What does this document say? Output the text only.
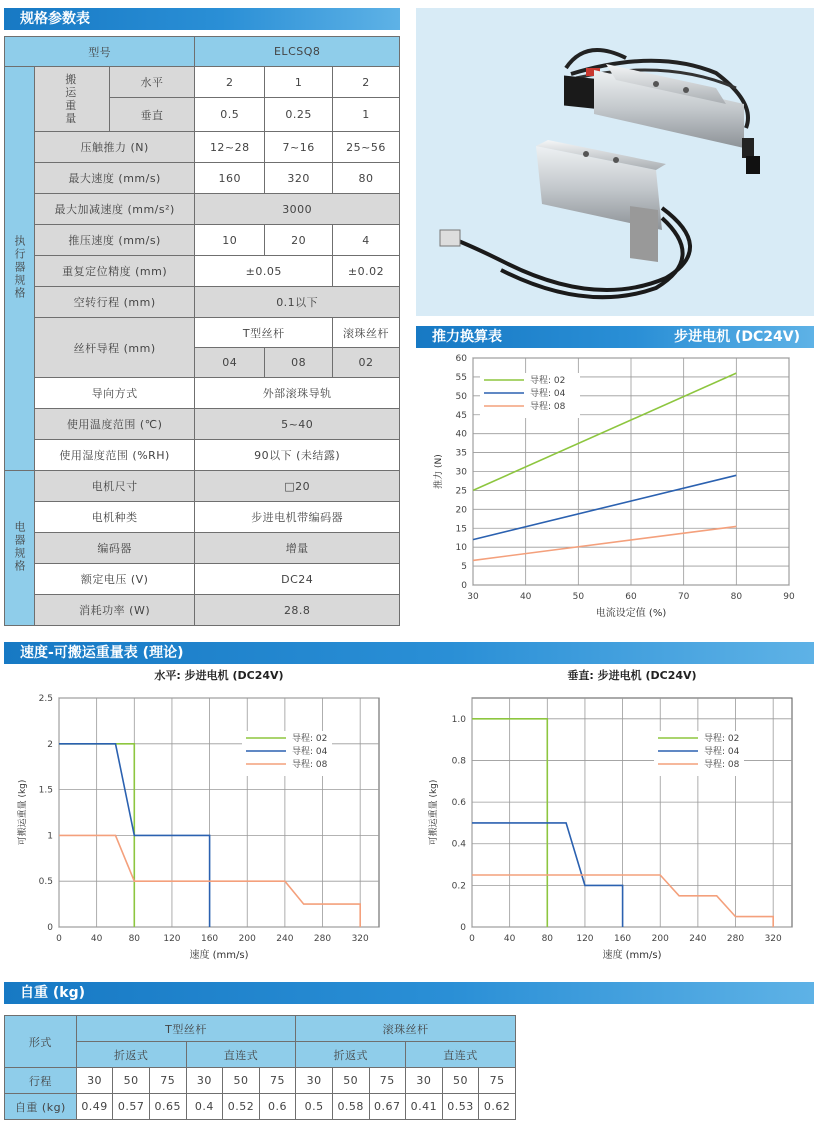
规格参数表
型号			ELCSQ8		
执行器规格	搬运重量	水平	2	1	2
		垂直	0.5	0.25	1
	压触推力 (N)		12~28	7~16	25~56
	最大速度 (mm/s)		160	320	80
	最大加减速度 (mm/s²)		3000		
	推压速度 (mm/s)		10	20	4
	重复定位精度 (mm)		±0.05		±0.02
	空转行程 (mm)		0.1以下		
	丝杆导程 (mm)		T型丝杆		滚珠丝杆
			04	08	02
	导向方式		外部滚珠导轨		
	使用温度范围 (℃)		5~40		
	使用湿度范围 (%RH)		90以下 (未结露)		

电器规格	电机尺寸		□20		
	电机种类		步进电机带编码器		
	编码器		增量		
	额定电压 (V)		DC24		
	消耗功率 (W)		28.8		
推力换算表	步进电机 (DC24V)
30	40	50	60	70	80	90
0
5
10
15
20
25
30
35
40
45
50
55
60
电流设定值 (%)
推力 (N)
导程: 02
导程: 04
导程: 08
速度-可搬运重量表 (理论)
水平: 步进电机 (DC24V)
0	40	80	120 160 200 240 280 320
0
0.5
1
1.5
2
2.5
速度 (mm/s)
可搬运重量 (kg)
导程: 02
导程: 04
导程: 08
垂直: 步进电机 (DC24V)
0	40	80	120 160 200 240 280 320
0
0.2
0.4
0.6
0.8
1.0
速度 (mm/s)
可搬运重量 (kg)
导程: 02
导程: 04
导程: 08
自重 (kg)
形式	T型丝杆						滚珠丝杆					
	折返式			直连式			折返式			直连式		
行程	30	50	75	30	50	75	30	50	75	30	50	75
自重 (kg)	0.49	0.57	0.65	0.4	0.52	0.6	0.5	0.58	0.67	0.41	0.53	0.62
